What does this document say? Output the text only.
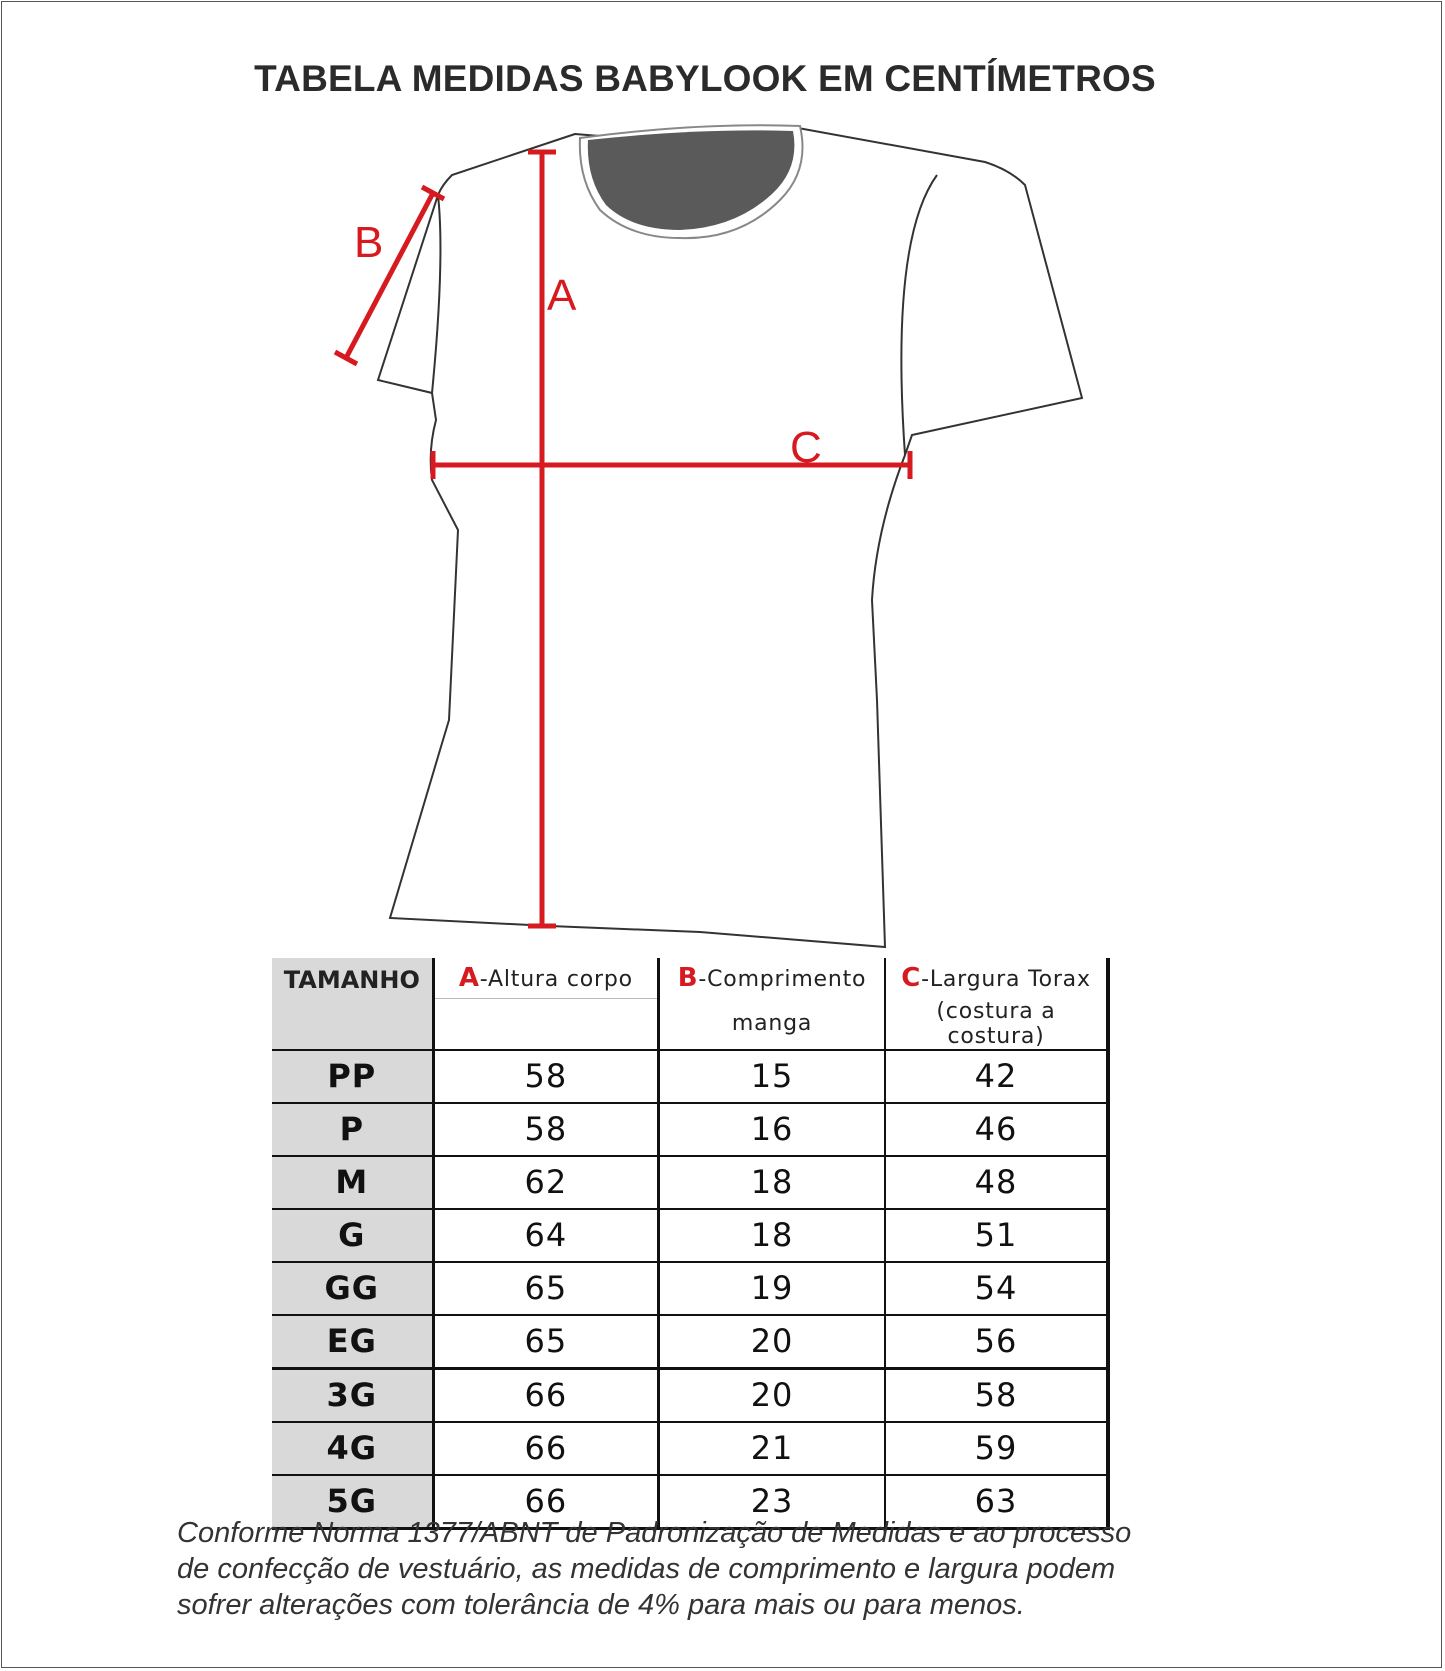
TABELA MEDIDAS BABYLOOK EM CENTÍMETROS
A
B
C
TAMANHO	A-Altura corpo	B-Comprimento	C-Largura Torax
		manga	(costura a costura)
PP	58	15	42
P	58	16	46
M	62	18	48
G	64	18	51
GG	65	19	54
EG	65	20	56
3G	66	20	58
4G	66	21	59
5G	66	23	63
Conforme Norma 1377/ABNT de Padronização de Medidas e ao processo
de confecção de vestuário, as medidas de comprimento e largura podem
sofrer alterações com tolerância de 4% para mais ou para menos.
